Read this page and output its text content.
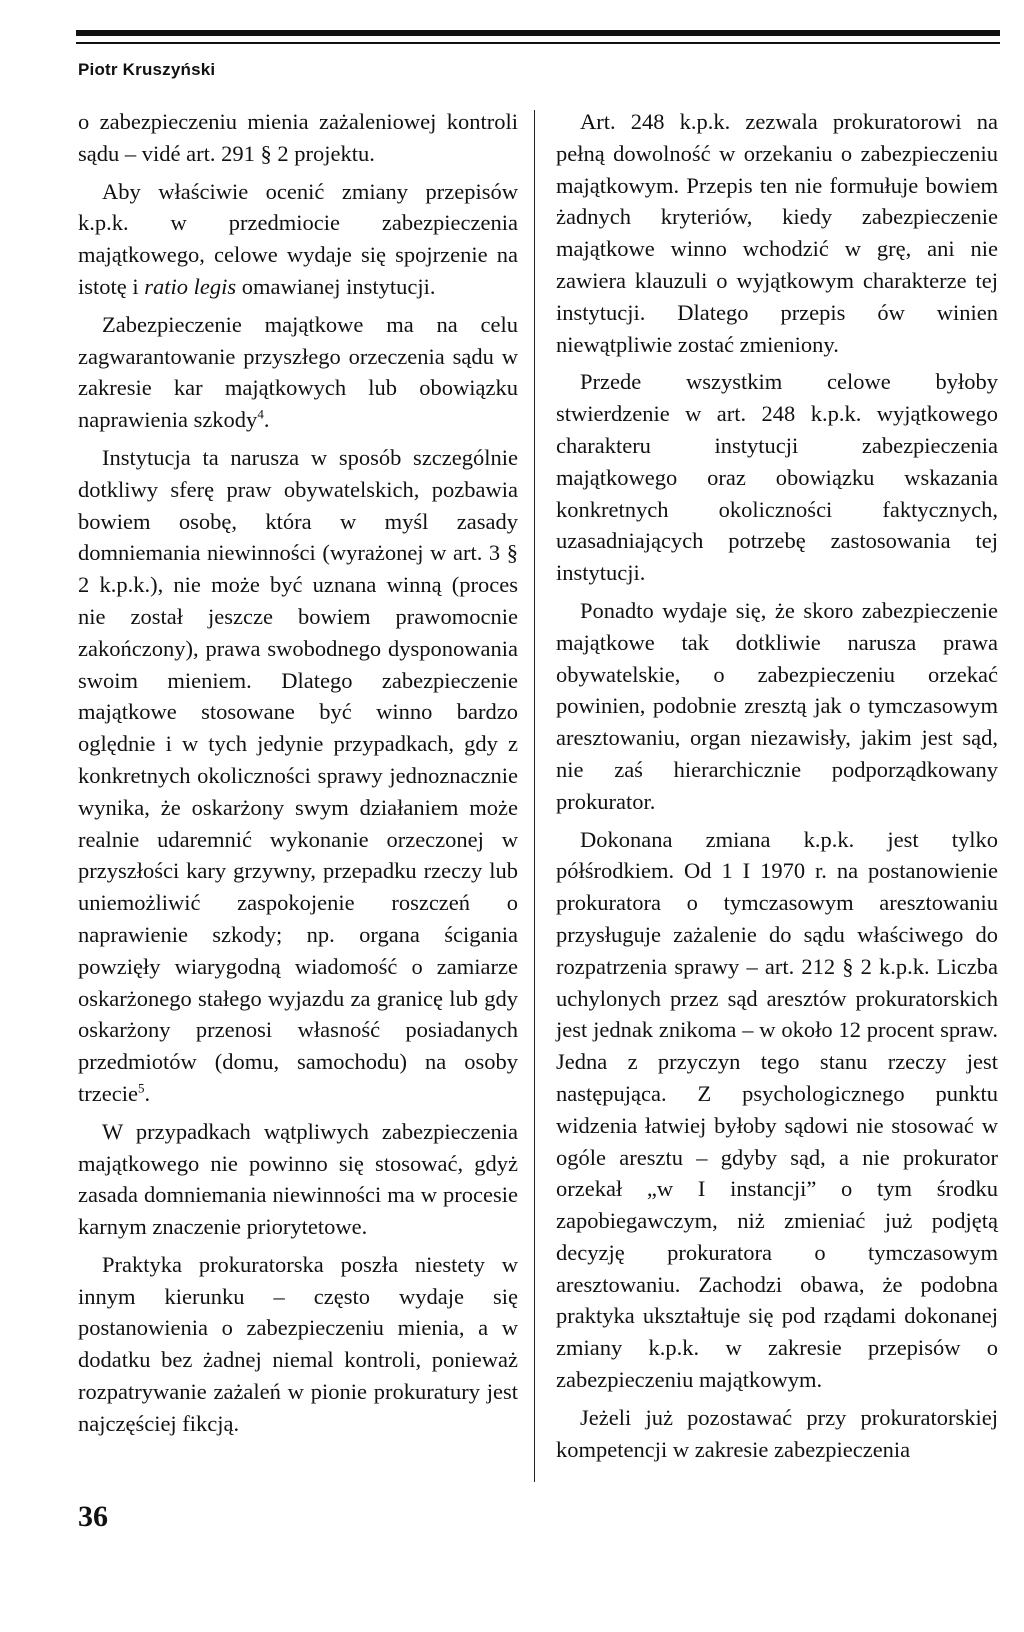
Piotr Kruszyński

o zabezpieczeniu mienia zażaleniowej kontroli sądu – vidé art. 291 § 2 projektu.

Aby właściwie ocenić zmiany przepisów k.p.k. w przedmiocie zabezpieczenia majątkowego, celowe wydaje się spojrzenie na istotę i ratio legis omawianej instytucji.

Zabezpieczenie majątkowe ma na celu zagwarantowanie przyszłego orzeczenia sądu w zakresie kar majątkowych lub obowiązku naprawienia szkody$^4$.

Instytucja ta narusza w sposób szczególnie dotkliwy sferę praw obywatelskich, pozbawia bowiem osobę, która w myśl zasady domniemania niewinności (wyrażonej w art. 3 § 2 k.p.k.), nie może być uznana winną (proces nie został jeszcze bowiem prawomocnie zakończony), prawa swobodnego dysponowania swoim mieniem. Dlatego zabezpieczenie majątkowe stosowane być winno bardzo oględnie i w tych jedynie przypadkach, gdy z konkretnych okoliczności sprawy jednoznacznie wynika, że oskarżony swym działaniem może realnie udaremnić wykonanie orzeczonej w przyszłości kary grzywny, przepadku rzeczy lub uniemożliwić zaspokojenie roszczeń o naprawienie szkody; np. organa ścigania powzięły wiarygodną wiadomość o zamiarze oskarżonego stałego wyjazdu za granicę lub gdy oskarżony przenosi własność posiadanych przedmiotów (domu, samochodu) na osoby trzecie$^5$.

W przypadkach wątpliwych zabezpieczenia majątkowego nie powinno się stosować, gdyż zasada domniemania niewinności ma w procesie karnym znaczenie priorytetowe.

Praktyka prokuratorska poszła niestety w innym kierunku – często wydaje się postanowienia o zabezpieczeniu mienia, a w dodatku bez żadnej niemal kontroli, ponieważ rozpatrywanie zażaleń w pionie prokuratury jest najczęściej fikcją.

Art. 248 k.p.k. zezwala prokuratorowi na pełną dowolność w orzekaniu o zabezpieczeniu majątkowym. Przepis ten nie formułuje bowiem żadnych kryteriów, kiedy zabezpieczenie majątkowe winno wchodzić w grę, ani nie zawiera klauzuli o wyjątkowym charakterze tej instytucji. Dlatego przepis ów winien niewątpliwie zostać zmieniony.

Przede wszystkim celowe byłoby stwierdzenie w art. 248 k.p.k. wyjątkowego charakteru instytucji zabezpieczenia majątkowego oraz obowiązku wskazania konkretnych okoliczności faktycznych, uzasadniających potrzebę zastosowania tej instytucji.

Ponadto wydaje się, że skoro zabezpieczenie majątkowe tak dotkliwie narusza prawa obywatelskie, o zabezpieczeniu orzekać powinien, podobnie zresztą jak o tymczasowym aresztowaniu, organ niezawisły, jakim jest sąd, nie zaś hierarchicznie podporządkowany prokurator.

Dokonana zmiana k.p.k. jest tylko półśrodkiem. Od 1 I 1970 r. na postanowienie prokuratora o tymczasowym aresztowaniu przysługuje zażalenie do sądu właściwego do rozpatrzenia sprawy – art. 212 § 2 k.p.k. Liczba uchylonych przez sąd aresztów prokuratorskich jest jednak znikoma – w około 12 procent spraw. Jedna z przyczyn tego stanu rzeczy jest następująca. Z psychologicznego punktu widzenia łatwiej byłoby sądowi nie stosować w ogóle aresztu – gdyby sąd, a nie prokurator orzekał „w I instancji” o tym środku zapobiegawczym, niż zmieniać już podjętą decyzję prokuratora o tymczasowym aresztowaniu. Zachodzi obawa, że podobna praktyka ukształtuje się pod rządami dokonanej zmiany k.p.k. w zakresie przepisów o zabezpieczeniu majątkowym.

Jeżeli już pozostawać przy prokuratorskiej kompetencji w zakresie zabezpieczenia

36
